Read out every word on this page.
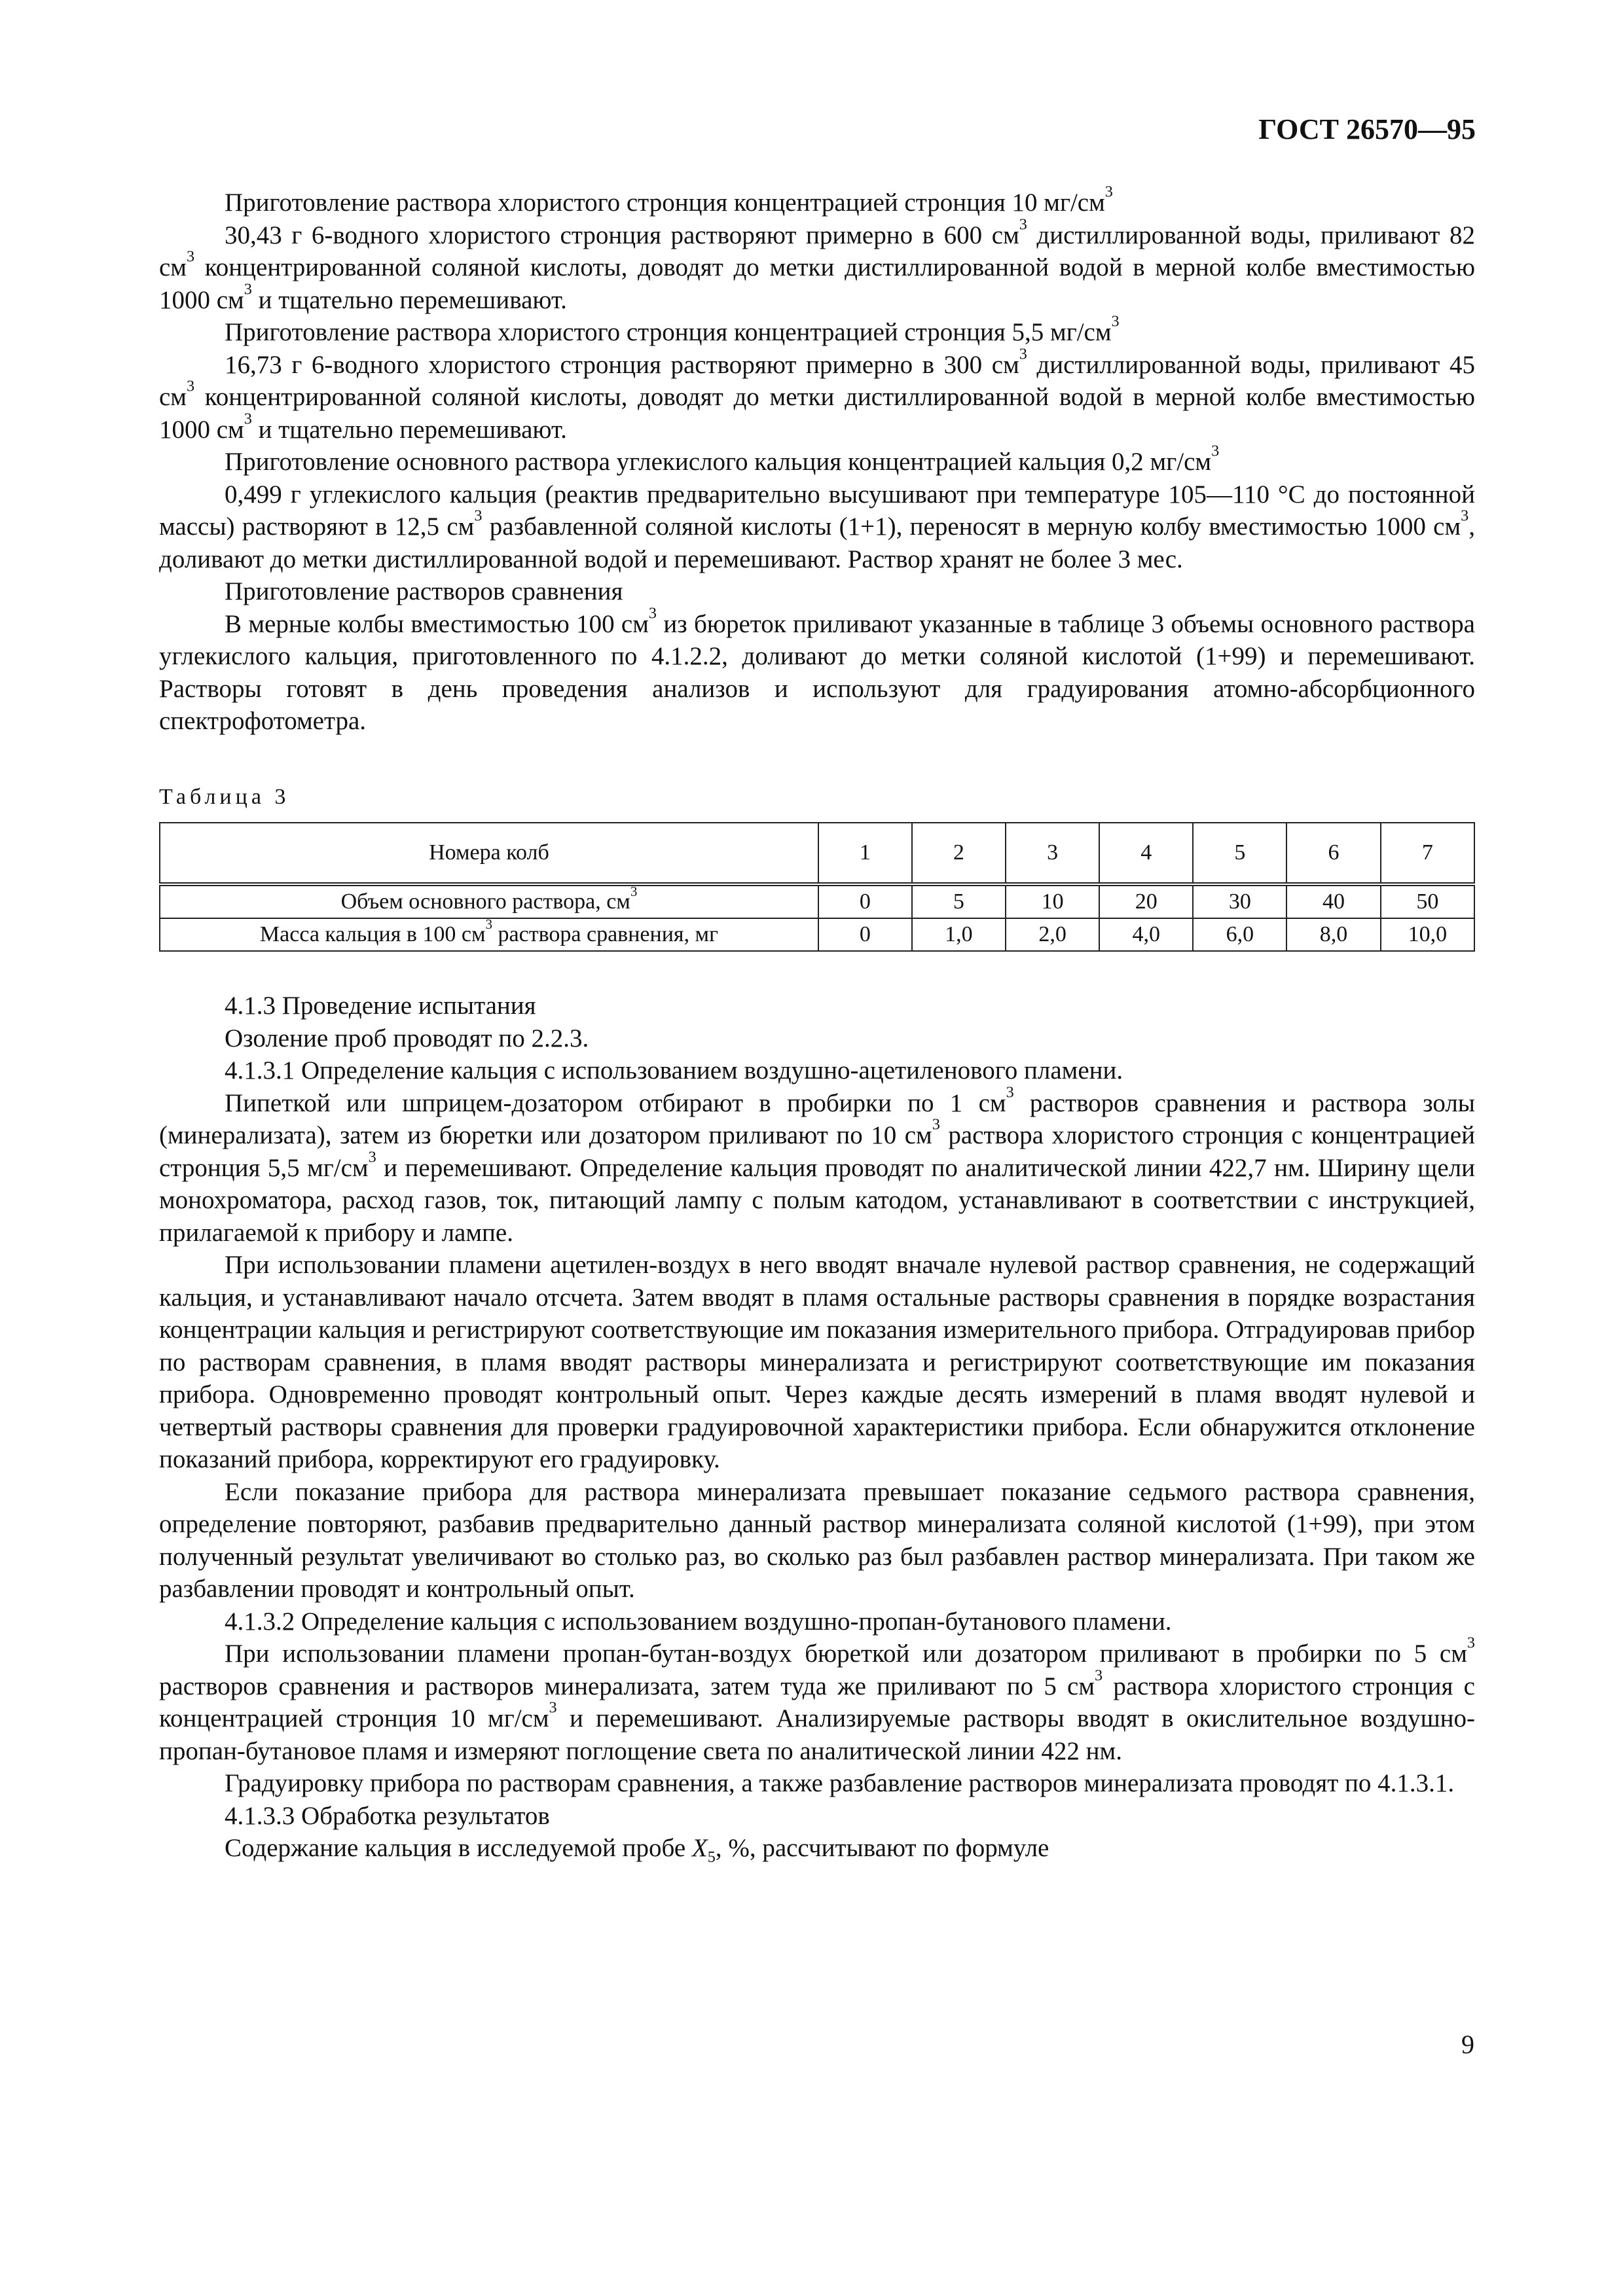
ГОСТ 26570—95

Приготовление раствора хлористого стронция концентрацией стронция 10 $мг/см^3$

30,43 г 6-водного хлористого стронция растворяют примерно в 600 $см^3$ дистиллированной воды, приливают 82 $см^3$ концентрированной соляной кислоты, доводят до метки дистиллированной водой в мерной колбе вместимостью 1000 $см^3$ и тщательно перемешивают.

Приготовление раствора хлористого стронция концентрацией стронция 5,5 $мг/см^3$

16,73 г 6-водного хлористого стронция растворяют примерно в 300 $см^3$ дистиллированной воды, приливают 45 $см^3$ концентрированной соляной кислоты, доводят до метки дистиллированной водой в мерной колбе вместимостью 1000 $см^3$ и тщательно перемешивают.

Приготовление основного раствора углекислого кальция концентрацией кальция 0,2 $мг/см^3$

0,499 г углекислого кальция (реактив предварительно высушивают при температуре 105—110 °С до постоянной массы) растворяют в 12,5 $см^3$ разбавленной соляной кислоты (1+1), переносят в мерную колбу вместимостью 1000 $см^3$, доливают до метки дистиллированной водой и перемешивают. Раствор хранят не более 3 мес.

Приготовление растворов сравнения

В мерные колбы вместимостью 100 $см^3$ из бюреток приливают указанные в таблице 3 объемы основного раствора углекислого кальция, приготовленного по 4.1.2.2, доливают до метки соляной кислотой (1+99) и перемешивают. Растворы готовят в день проведения анализов и используют для градуирования атомно-абсорбционного спектрофотометра.

Таблица 3
Номера колб	1	2	3	4	5	6	7
Объем основного раствора, $см^3$	0	5	10	20	30	40	50
Масса кальция в 100 $см^3$ раствора сравнения, мг	0	1,0	2,0	4,0	6,0	8,0	10,0

4.1.3 Проведение испытания

Озоление проб проводят по 2.2.3.

4.1.3.1 Определение кальция с использованием воздушно-ацетиленового пламени.

Пипеткой или шприцем-дозатором отбирают в пробирки по 1 $см^3$ растворов сравнения и раствора золы (минерализата), затем из бюретки или дозатором приливают по 10 $см^3$ раствора хлористого стронция с концентрацией стронция 5,5 $мг/см^3$ и перемешивают. Определение кальция проводят по аналитической линии 422,7 нм. Ширину щели монохроматора, расход газов, ток, питающий лампу с полым катодом, устанавливают в соответствии с инструкцией, прилагаемой к прибору и лампе.

При использовании пламени ацетилен-воздух в него вводят вначале нулевой раствор сравнения, не содержащий кальция, и устанавливают начало отсчета. Затем вводят в пламя остальные растворы сравнения в порядке возрастания концентрации кальция и регистрируют соответствующие им показания измерительного прибора. Отградуировав прибор по растворам сравнения, в пламя вводят растворы минерализата и регистрируют соответствующие им показания прибора. Одновременно проводят контрольный опыт. Через каждые десять измерений в пламя вводят нулевой и четвертый растворы сравнения для проверки градуировочной характеристики прибора. Если обнаружится отклонение показаний прибора, корректируют его градуировку.

Если показание прибора для раствора минерализата превышает показание седьмого раствора сравнения, определение повторяют, разбавив предварительно данный раствор минерализата соляной кислотой (1+99), при этом полученный результат увеличивают во столько раз, во сколько раз был разбавлен раствор минерализата. При таком же разбавлении проводят и контрольный опыт.

4.1.3.2 Определение кальция с использованием воздушно-пропан-бутанового пламени.

При использовании пламени пропан-бутан-воздух бюреткой или дозатором приливают в пробирки по 5 $см^3$ растворов сравнения и растворов минерализата, затем туда же приливают по 5 $см^3$ раствора хлористого стронция с концентрацией стронция 10 $мг/см^3$ и перемешивают. Анализируемые растворы вводят в окислительное воздушно-пропан-бутановое пламя и измеряют поглощение света по аналитической линии 422 нм.

Градуировку прибора по растворам сравнения, а также разбавление растворов минерализата проводят по 4.1.3.1.

4.1.3.3 Обработка результатов

Содержание кальция в исследуемой пробе $X_5$, %, рассчитывают по формуле

9
